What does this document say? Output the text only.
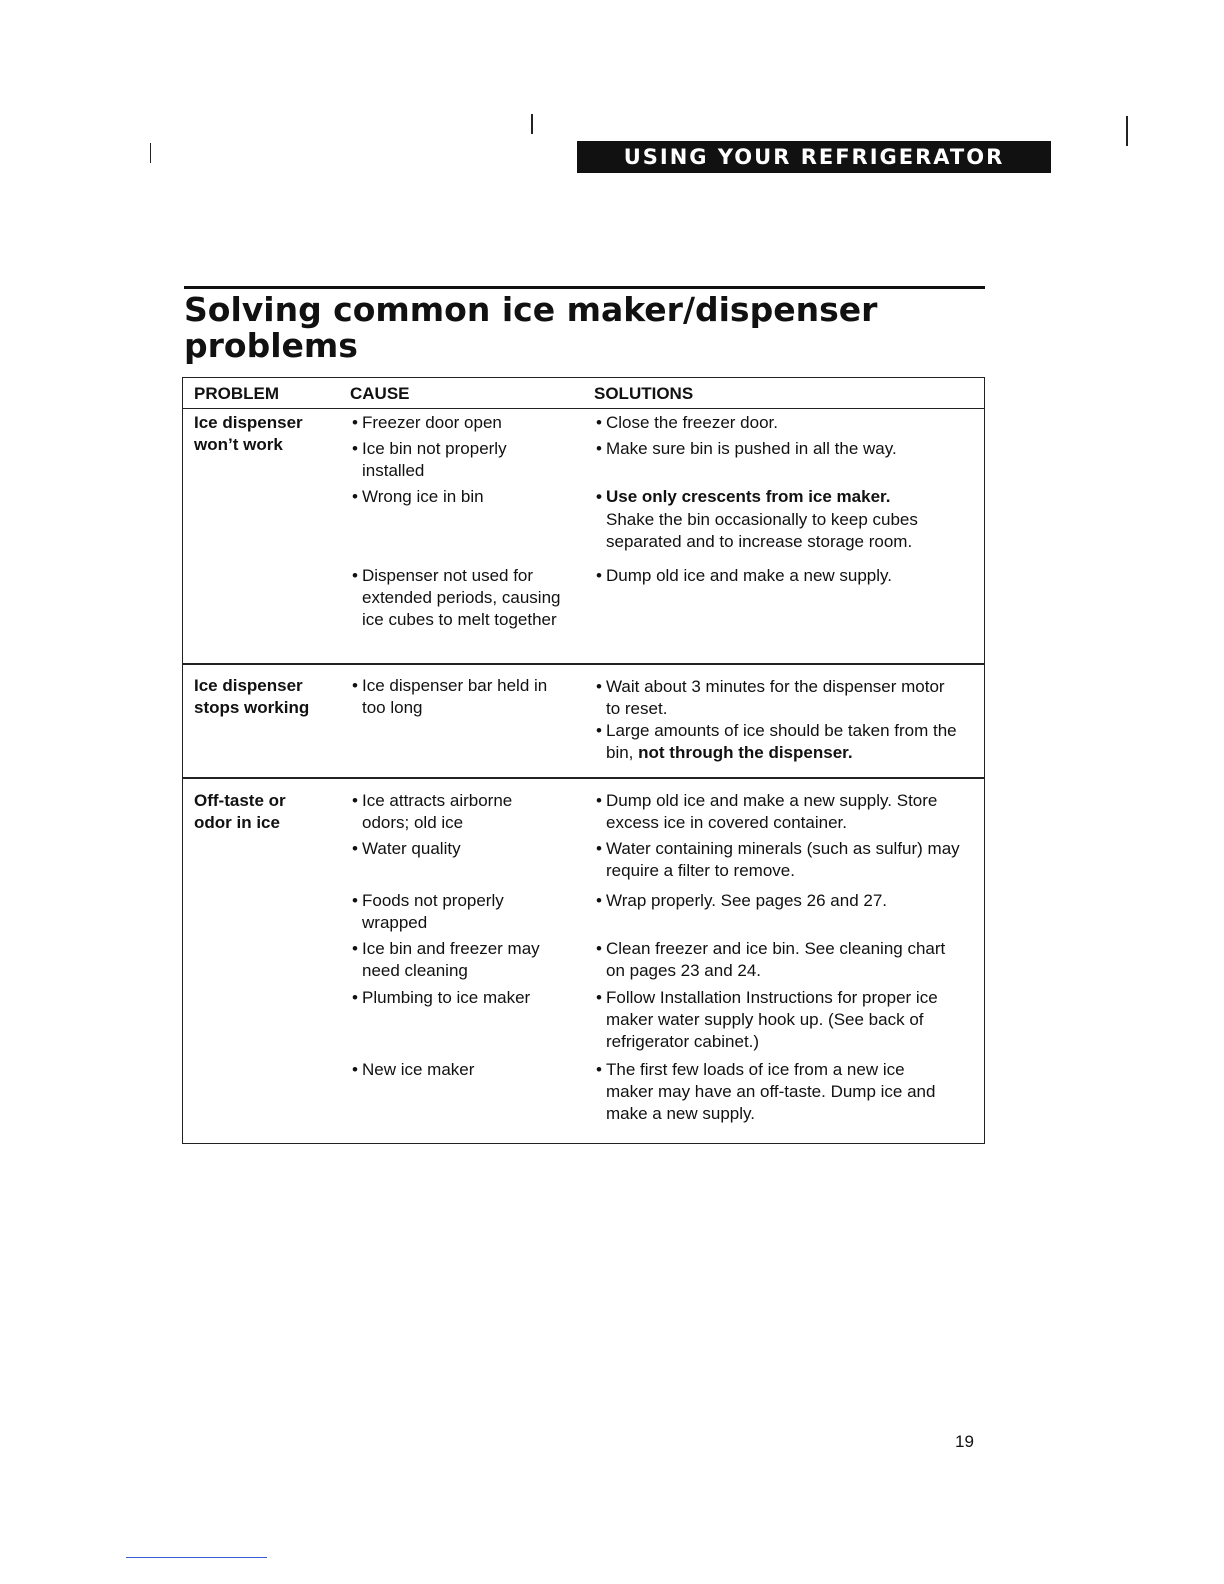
USING YOUR REFRIGERATOR
Solving common ice maker/dispenser problems
PROBLEM	CAUSE	SOLUTIONS
Ice dispenser won’t work
• Freezer door open
• Ice bin not properly installed
• Wrong ice in bin
• Dispenser not used for extended periods, causing ice cubes to melt together
• Close the freezer door.
• Make sure bin is pushed in all the way.
• Use only crescents from ice maker.
Shake the bin occasionally to keep cubes separated and to increase storage room.
• Dump old ice and make a new supply.
Ice dispenser stops working
• Ice dispenser bar held in too long
• Wait about 3 minutes for the dispenser motor to reset.
• Large amounts of ice should be taken from the bin, not through the dispenser.
Off-taste or odor in ice
• Ice attracts airborne odors; old ice
• Water quality
• Foods not properly wrapped
• Ice bin and freezer may need cleaning
• Plumbing to ice maker
• New ice maker
• Dump old ice and make a new supply. Store excess ice in covered container.
• Water containing minerals (such as sulfur) may require a filter to remove.
• Wrap properly. See pages 26 and 27.
• Clean freezer and ice bin. See cleaning chart on pages 23 and 24.
• Follow Installation Instructions for proper ice maker water supply hook up. (See back of refrigerator cabinet.)
• The first few loads of ice from a new ice maker may have an off-taste. Dump ice and make a new supply.
19
